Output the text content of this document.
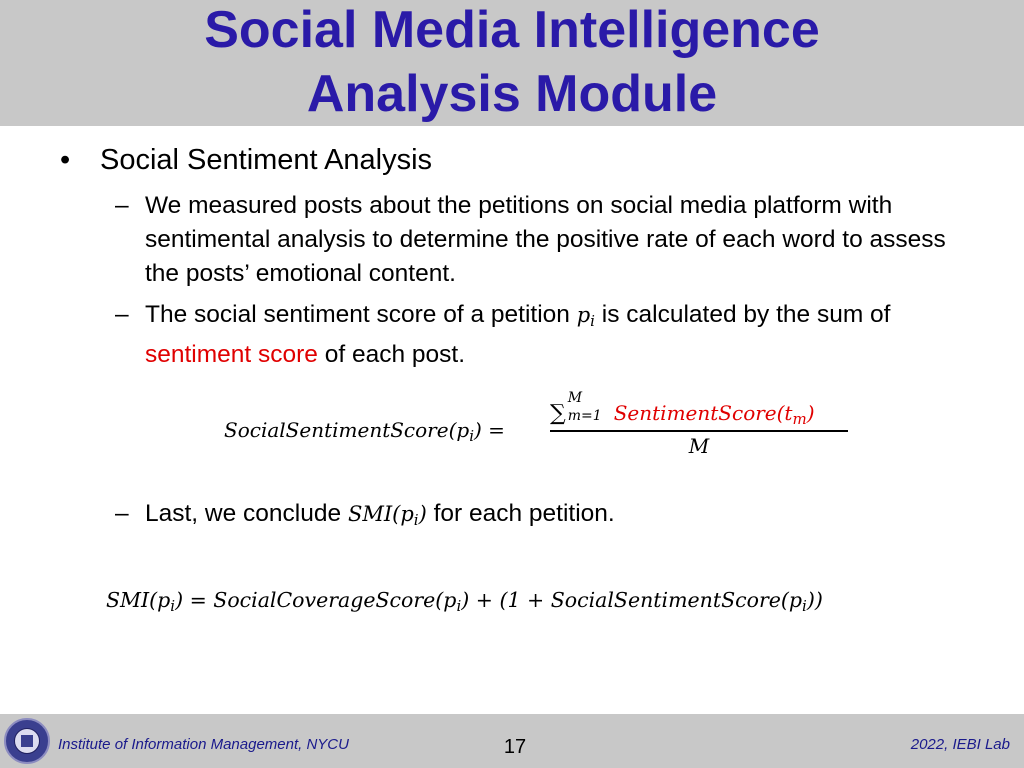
Social Media Intelligence
Analysis Module
• Social Sentiment Analysis
– We measured posts about the petitions on social media platform with sentimental analysis to determine the positive rate of each word to assess the posts’ emotional content.
– The social sentiment score of a petition pi is calculated by the sum of sentiment score of each post.
$SocialSentimentScore(p_i)$ =
∑
M
m=1 $SentimentScore(t_m)$
M
– Last, we conclude SMI(pi) for each petition.
SMI(pi) = SocialCoverageScore(pi) + (1 + SocialSentimentScore(pi))
Institute of Information Management, NYCU	17	2022, IEBI Lab
